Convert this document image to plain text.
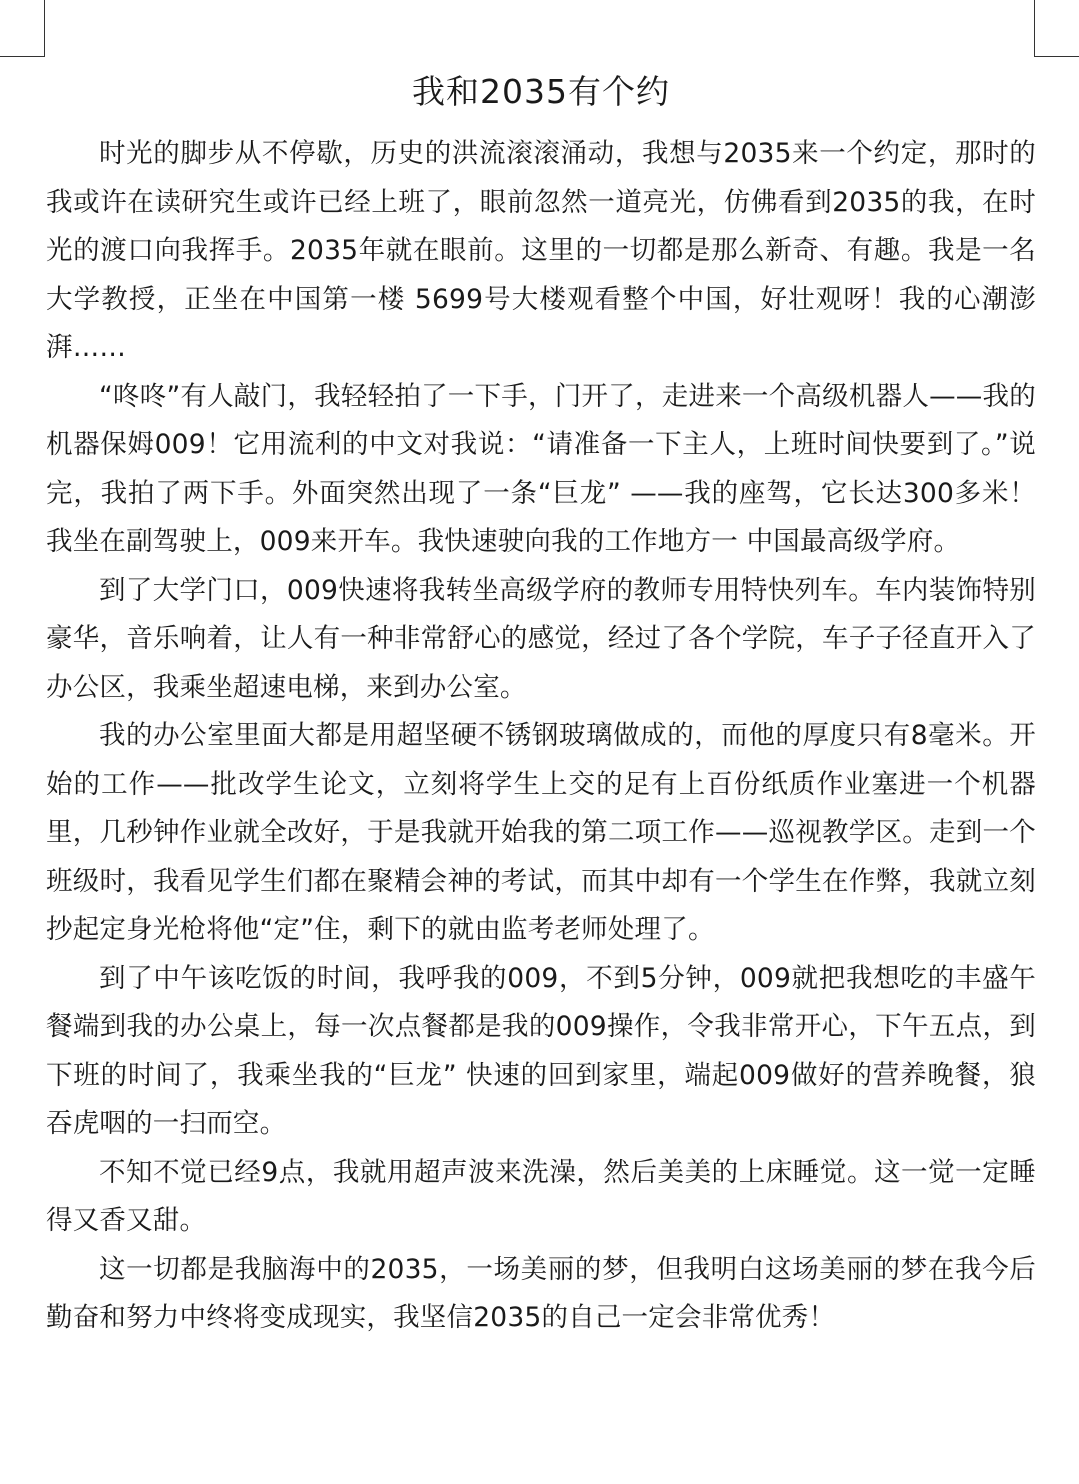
我和2035有个约

时光的脚步从不停歇，历史的洪流滚滚涌动，我想与2035来一个约定，那时的我或许在读研究生或许已经上班了，眼前忽然一道亮光，仿佛看到2035的我，在时光的渡口向我挥手。2035年就在眼前。这里的一切都是那么新奇、有趣。我是一名大学教授，正坐在中国第一楼 5699号大楼观看整个中国，好壮观呀！我的心潮澎湃……

“咚咚”有人敲门，我轻轻拍了一下手，门开了，走进来一个高级机器人——我的机器保姆009！它用流利的中文对我说：“请准备一下主人，上班时间快要到了。”说完，我拍了两下手。外面突然出现了一条“巨龙” ——我的座驾，它长达300多米！我坐在副驾驶上，009来开车。我快速驶向我的工作地方一 中国最高级学府。

到了大学门口，009快速将我转坐高级学府的教师专用特快列车。车内装饰特别豪华，音乐响着，让人有一种非常舒心的感觉，经过了各个学院，车子子径直开入了办公区，我乘坐超速电梯，来到办公室。

我的办公室里面大都是用超坚硬不锈钢玻璃做成的，而他的厚度只有8毫米。开始的工作——批改学生论文，立刻将学生上交的足有上百份纸质作业塞进一个机器里，几秒钟作业就全改好，于是我就开始我的第二项工作——巡视教学区。走到一个班级时，我看见学生们都在聚精会神的考试，而其中却有一个学生在作弊，我就立刻抄起定身光枪将他“定”住，剩下的就由监考老师处理了。

到了中午该吃饭的时间，我呼我的009，不到5分钟，009就把我想吃的丰盛午餐端到我的办公桌上，每一次点餐都是我的009操作，令我非常开心，下午五点，到下班的时间了，我乘坐我的“巨龙” 快速的回到家里，端起009做好的营养晚餐，狼吞虎咽的一扫而空。

不知不觉已经9点，我就用超声波来洗澡，然后美美的上床睡觉。这一觉一定睡得又香又甜。

这一切都是我脑海中的2035，一场美丽的梦，但我明白这场美丽的梦在我今后勤奋和努力中终将变成现实，我坚信2035的自己一定会非常优秀！
